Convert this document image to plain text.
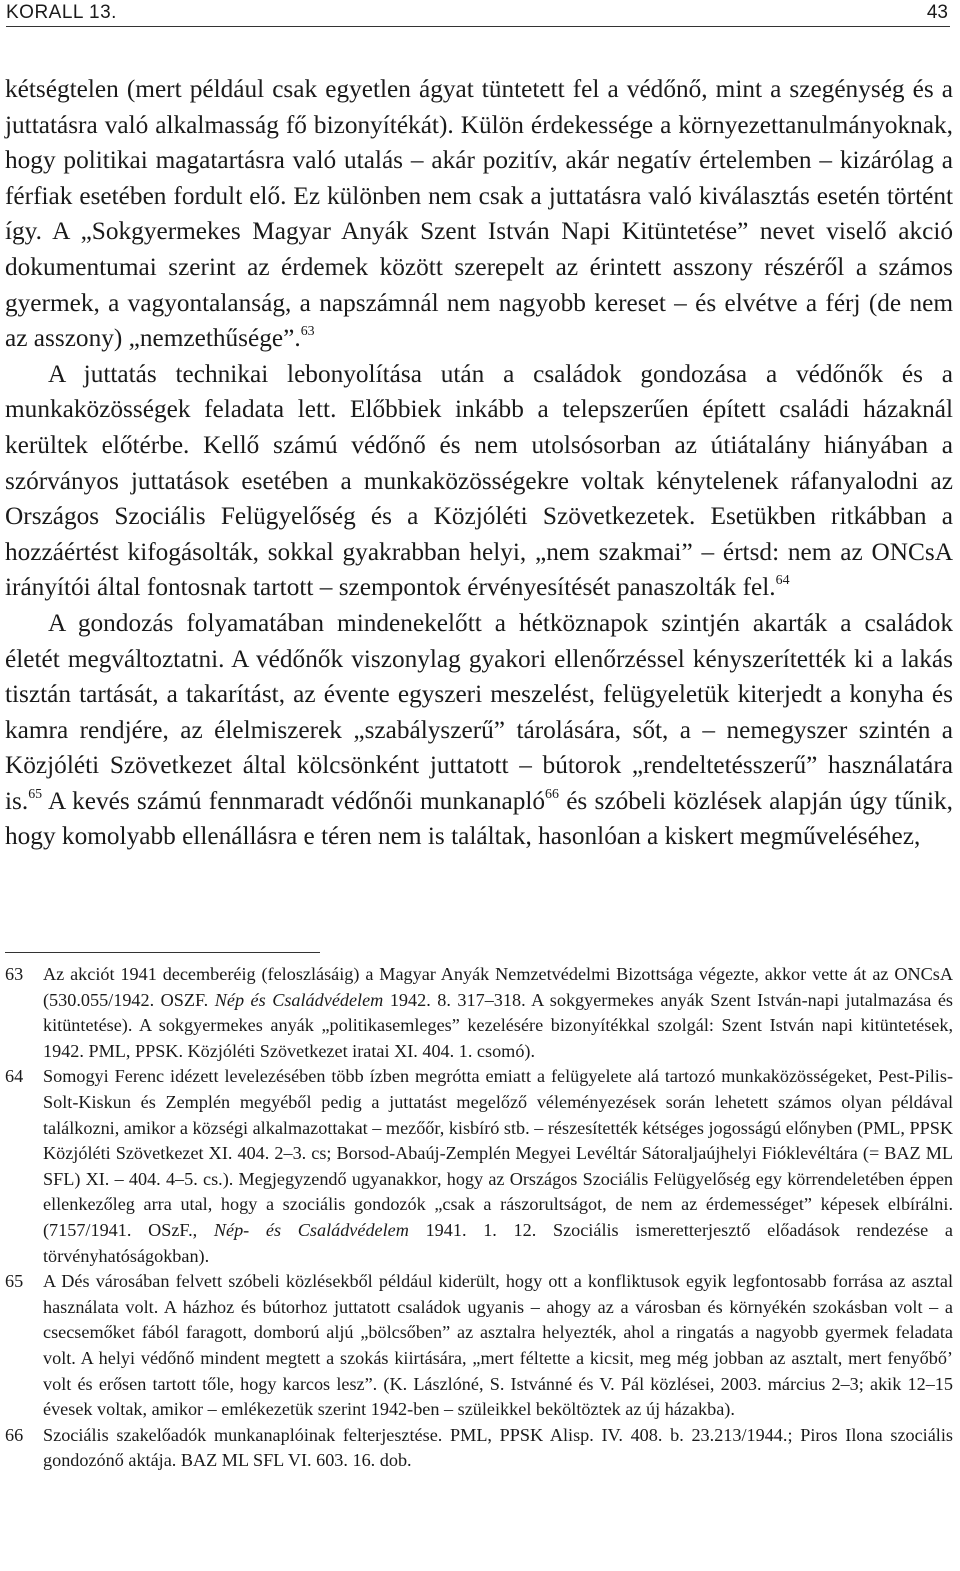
KORALL 13.	43

kétségtelen (mert például csak egyetlen ágyat tüntetett fel a védőnő, mint a szegénység és a juttatásra való alkalmasság fő bizonyítékát). Külön érdekessége a környezettanulmányoknak, hogy politikai magatartásra való utalás – akár pozitív, akár negatív értelemben – kizárólag a férfiak esetében fordult elő. Ez különben nem csak a juttatásra való kiválasztás esetén történt így. A „Sokgyermekes Magyar Anyák Szent István Napi Kitüntetése” nevet viselő akció dokumentumai szerint az érdemek között szerepelt az érintett asszony részéről a számos gyermek, a vagyontalanság, a napszámnál nem nagyobb kereset – és elvétve a férj (de nem az asszony) „nemzethűsége”.$^{63}$

A juttatás technikai lebonyolítása után a családok gondozása a védőnők és a munkaközösségek feladata lett. Előbbiek inkább a telepszerűen épített családi házaknál kerültek előtérbe. Kellő számú védőnő és nem utolsósorban az útiátalány hiányában a szórványos juttatások esetében a munkaközösségekre voltak kénytelenek ráfanyalodni az Országos Szociális Felügyelőség és a Közjóléti Szövetkezetek. Esetükben ritkábban a hozzáértést kifogásolták, sokkal gyakrabban helyi, „nem szakmai” – értsd: nem az ONCsA irányítói által fontosnak tartott – szempontok érvényesítését panaszolták fel.$^{64}$

A gondozás folyamatában mindenekelőtt a hétköznapok szintjén akarták a családok életét megváltoztatni. A védőnők viszonylag gyakori ellenőrzéssel kényszerítették ki a lakás tisztán tartását, a takarítást, az évente egyszeri meszelést, felügyeletük kiterjedt a konyha és kamra rendjére, az élelmiszerek „szabályszerű” tárolására, sőt, a – nemegyszer szintén a Közjóléti Szövetkezet által kölcsönként juttatott – bútorok „rendeltetésszerű” használatára is.$^{65}$ A kevés számú fennmaradt védőnői munkanapló$^{66}$ és szóbeli közlések alapján úgy tűnik, hogy komolyabb ellenállásra e téren nem is találtak, hasonlóan a kiskert megműveléséhez,

63 Az akciót 1941 decemberéig (feloszlásáig) a Magyar Anyák Nemzetvédelmi Bizottsága végezte, akkor vette át az ONCsA (530.055/1942. OSZF. Nép és Családvédelem 1942. 8. 317–318. A sokgyermekes anyák Szent István-napi jutalmazása és kitüntetése). A sokgyermekes anyák „politikasemleges” kezelésére bizonyítékkal szolgál: Szent István napi kitüntetések, 1942. PML, PPSK. Közjóléti Szövetkezet iratai XI. 404. 1. csomó).

64 Somogyi Ferenc idézett levelezésében több ízben megrótta emiatt a felügyelete alá tartozó munkaközösségeket, Pest-Pilis-Solt-Kiskun és Zemplén megyéből pedig a juttatást megelőző véleményezések során lehetett számos olyan példával találkozni, amikor a községi alkalmazottakat – mezőőr, kisbíró stb. – részesítették kétséges jogosságú előnyben (PML, PPSK Közjóléti Szövetkezet XI. 404. 2–3. cs; Borsod-Abaúj-Zemplén Megyei Levéltár Sátoraljaújhelyi Fióklevéltára (= BAZ ML SFL) XI. – 404. 4–5. cs.). Megjegyzendő ugyanakkor, hogy az Országos Szociális Felügyelőség egy körrendeletében éppen ellenkezőleg arra utal, hogy a szociális gondozók „csak a rászorultságot, de nem az érdemességet” képesek elbírálni. (7157/1941. OSzF., Nép- és Családvédelem 1941. 1. 12. Szociális ismeretterjesztő előadások rendezése a törvényhatóságokban).

65 A Dés városában felvett szóbeli közlésekből például kiderült, hogy ott a konfliktusok egyik legfontosabb forrása az asztal használata volt. A házhoz és bútorhoz juttatott családok ugyanis – ahogy az a városban és környékén szokásban volt – a csecsemőket fából faragott, domború aljú „bölcsőben” az asztalra helyezték, ahol a ringatás a nagyobb gyermek feladata volt. A helyi védőnő mindent megtett a szokás kiirtására, „mert féltette a kicsit, meg még jobban az asztalt, mert fenyőbő’ volt és erősen tartott tőle, hogy karcos lesz”. (K. Lászlóné, S. Istvánné és V. Pál közlései, 2003. március 2–3; akik 12–15 évesek voltak, amikor – emlékezetük szerint 1942-ben – szüleikkel beköltöztek az új házakba).

66 Szociális szakelőadók munkanaplóinak felterjesztése. PML, PPSK Alisp. IV. 408. b. 23.213/1944.; Piros Ilona szociális gondozónő aktája. BAZ ML SFL VI. 603. 16. dob.
